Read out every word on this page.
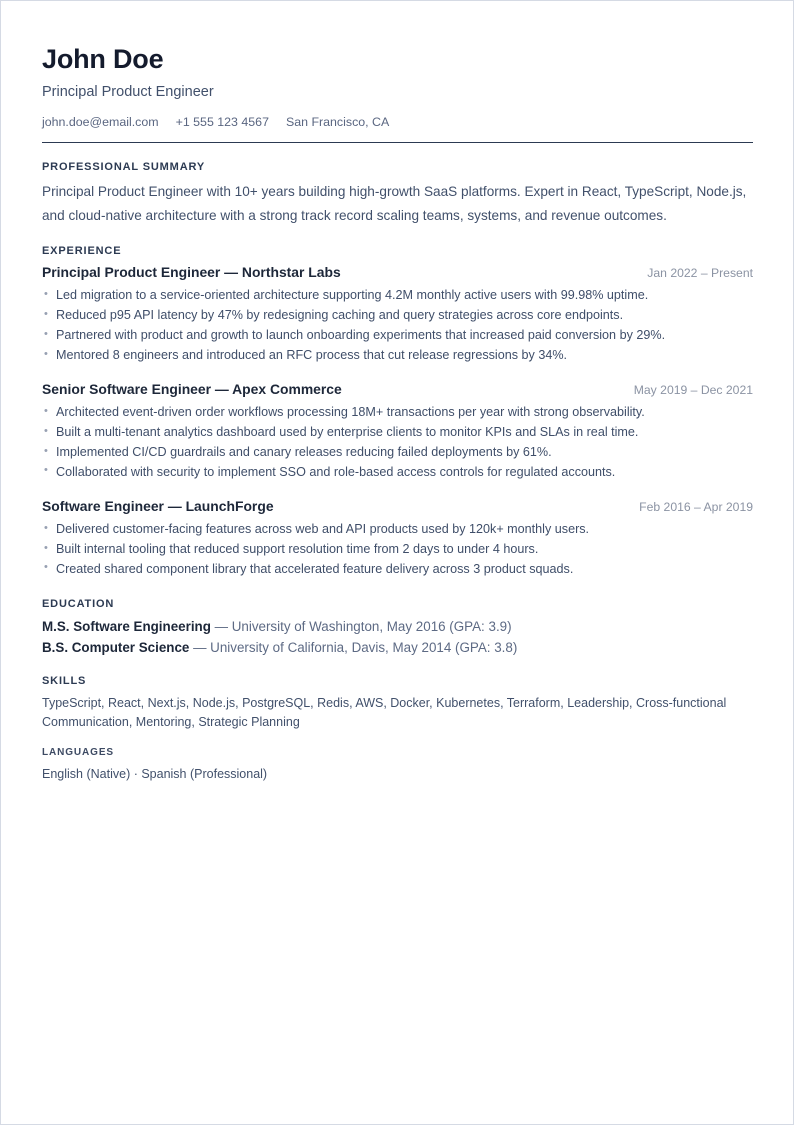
John Doe
Principal Product Engineer
john.doe@email.com +1 555 123 4567 San Francisco, CA
PROFESSIONAL SUMMARY

Principal Product Engineer with 10+ years building high-growth SaaS platforms. Expert in React, TypeScript, Node.js, and cloud-native architecture with a strong track record scaling teams, systems, and revenue outcomes.

EXPERIENCE
Principal Product Engineer — Northstar Labs	Jan 2022 – Present
• Led migration to a service-oriented architecture supporting 4.2M monthly active users with 99.98% uptime.
• Reduced p95 API latency by 47% by redesigning caching and query strategies across core endpoints.
• Partnered with product and growth to launch onboarding experiments that increased paid conversion by 29%.
• Mentored 8 engineers and introduced an RFC process that cut release regressions by 34%.
Senior Software Engineer — Apex Commerce	May 2019 – Dec 2021
• Architected event-driven order workflows processing 18M+ transactions per year with strong observability.
• Built a multi-tenant analytics dashboard used by enterprise clients to monitor KPIs and SLAs in real time.
• Implemented CI/CD guardrails and canary releases reducing failed deployments by 61%.
• Collaborated with security to implement SSO and role-based access controls for regulated accounts.
Software Engineer — LaunchForge	Feb 2016 – Apr 2019
• Delivered customer-facing features across web and API products used by 120k+ monthly users.
• Built internal tooling that reduced support resolution time from 2 days to under 4 hours.
• Created shared component library that accelerated feature delivery across 3 product squads.
EDUCATION
M.S. Software Engineering — University of Washington, May 2016 (GPA: 3.9)
B.S. Computer Science — University of California, Davis, May 2014 (GPA: 3.8)
SKILLS

TypeScript, React, Next.js, Node.js, PostgreSQL, Redis, AWS, Docker, Kubernetes, Terraform, Leadership, Cross-functional Communication, Mentoring, Strategic Planning

LANGUAGES

English (Native) · Spanish (Professional)
